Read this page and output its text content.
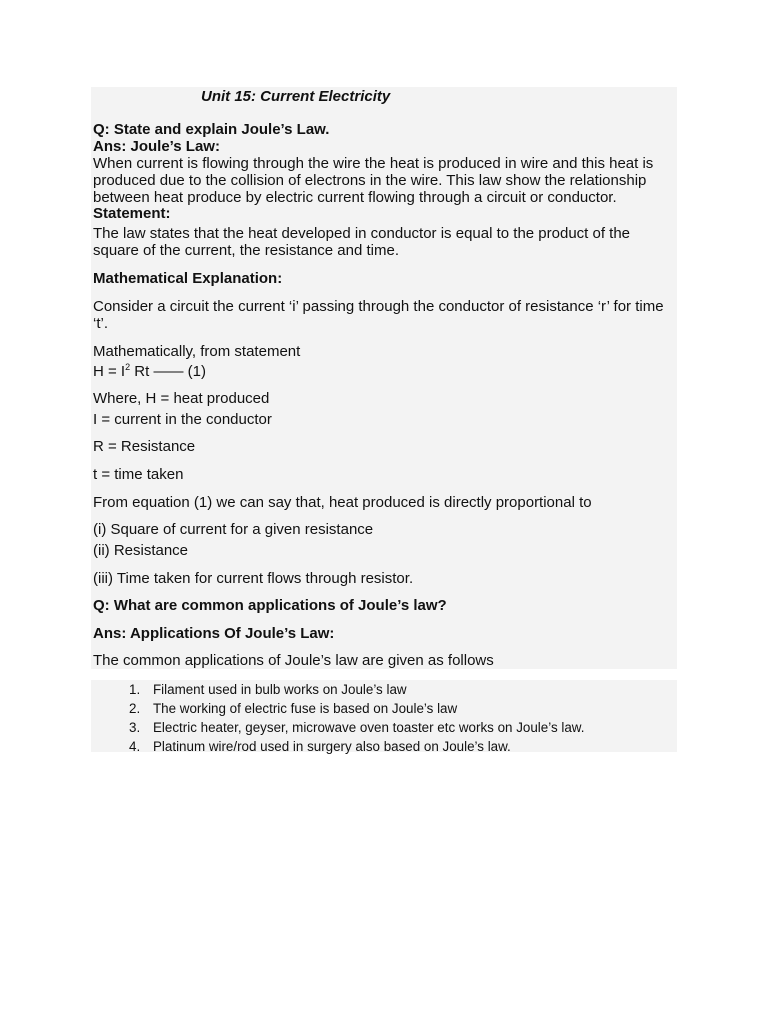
Unit 15: Current Electricity
Q: State and explain Joule’s Law.
Ans: Joule’s Law:
When current is flowing through the wire the heat is produced in wire and this heat is produced due to the collision of electrons in the wire. This law show the relationship between heat produce by electric current flowing through a circuit or conductor.
Statement:
The law states that the heat developed in conductor is equal to the product of the square of the current, the resistance and time.
Mathematical Explanation:
Consider a circuit the current ‘i’ passing through the conductor of resistance ‘r’ for time ‘t’.
Mathematically, from statement
$H = I^2$ Rt —— (1)
Where, H = heat produced
I = current in the conductor
R = Resistance
t = time taken
From equation (1) we can say that, heat produced is directly proportional to
(i) Square of current for a given resistance
(ii) Resistance
(iii) Time taken for current flows through resistor.
Q: What are common applications of Joule’s law?
Ans: Applications Of Joule’s Law:
The common applications of Joule’s law are given as follows
1. Filament used in bulb works on Joule’s law
2. The working of electric fuse is based on Joule’s law
3. Electric heater, geyser, microwave oven toaster etc works on Joule’s law.
4. Platinum wire/rod used in surgery also based on Joule’s law.
